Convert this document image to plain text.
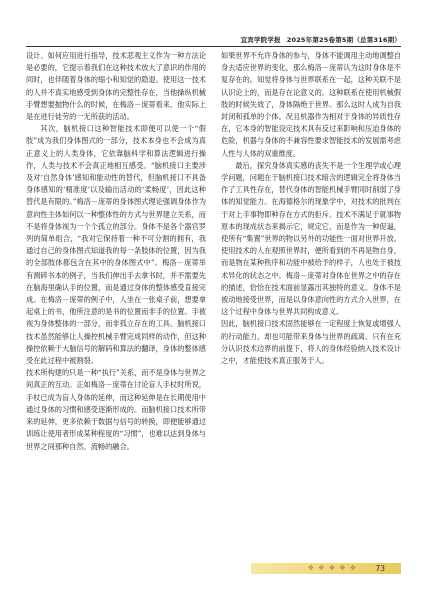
宜宾学院学报 2025年第25卷第5期（总第316期）

设计、如何应用进行指导，技术悲观主义作为一种方法论是必要的，它提示着我们在这种技术放大了意识的作用的同时，也伴随着身体的缩小和知觉的隐退。使用这一技术的人并不真实地感受到身体的完整性存在，当他操纵机械手臂想要抛物什么的时候，在梅洛－庞蒂看来，他实际上是在进行徒劳的一无所获的活动。

其次，脑机接口这种智能技术即便可以使一个“假肢”成为我们身体图式的一部分，技术本身也不会成为真正意义上的人类身体，它依靠脑科学和算法逻辑进行操作，人类与技术不会真正地相互感受。“脑机接口主要涉及对‘自然身体’感知和能动性的替代，但脑机接口不具备身体感知的‘精准度’以及输出活动的‘柔畅度’，因此这种替代是有限的。”梅洛－庞蒂的身体图式理论强调身体作为意向性主体如何以一种整体性的方式与世界建立关系，而不是将身体视为一个个孤立的部分。身体不是各个器官罗列的简单组合，“我对它保持着一种不可分割的拥有，我通过自己的身体图式知道我的每一条肢体的位置，因为我的全部肢体都包含在其中的身体图式中”。梅洛－庞蒂举有测碎书本的例子，当我们伸出手去拿书时，并不需要先在脑海里确认手的位置，而是通过身体的整体感受直接完成。在梅洛－庞蒂的例子中，人坐在一张桌子前，想要拿起桌上的书，他所注意的是书的位置而非手的位置。手被视为身体整体的一部分，而非孤立存在的工具。脑机接口技术虽然能够让人操控机械手臂完成同样的动作，但这种操控依赖于大脑信号的解码和算法的翻译，身体的整体感受在此过程中被割裂。

技术所构建的只是一种“执行”关系，而不是身体与世界之间真正的互动。正如梅洛－庞蒂在讨论盲人手杖时所说，手杖已成为盲人身体的延伸，而这种延伸是在长期使用中通过身体的习惯和感受逐渐形成的。而脑机接口技术所带来的延伸，更多依赖于数据与信号的转换，即便能够通过训练让使用者形成某种程度的“习惯”，也难以达到身体与世界之间那种自然、流畅的融合。

如果世界不允许身体的参与，身体不能调用主动地调整自身去适应世界的变化，那么梅洛－庞蒂认为这时身体是不复存在的。知觉将身体与世界联系在一起，这种关联不是认识论上的，而是存在论意义的。这种联系在使用机械假肢的时候失效了，身体隔绝于世界。那么这时人成为自我封闭和孤单的个体。况且机器作为相对于身体的异质性存在，它本身的智能设定技术具有反过来影响和压迫身体的危险，机器与身体的不兼容性要求智能技术的发展需考虑人性与人体的双重维度。

最后，探究身体真实感的丧失不是一个生理学或心理学问题，问题在于脑机接口技术暗含的逻辑完全将身体当作了工具性存在，替代身体的智能机械手臂同时削弱了身体的知觉能力。在海德格尔的现象学中，对技术的批判在于对上手事物即种存在方式的拒斥。技术不满足于就事物原本的现成状态来揭示它，规定它，而是作为一种促逼，使所有“集置”世界的物以另外的功能性一面对世界开放。使用技术的人在观照世界时，便所看到的不再是物自身，而是物在某种秩序和功能中被给予的样子，人也处于被技术异化的状态之中。梅洛－庞蒂对身体在世界之中的存在的描述，恰恰在技术面前显露出其独特的意义。身体不是被动地接受世界，而是以身体意向性的方式介入世界，在这个过程中身体与世界共同构成意义。

因此，脑机接口技术固然能够在一定程度上恢复或增强人的行动能力，却也可能带来身体与世界的疏离。只有在充分认识技术边界的前提下，将人的身体经验纳入技术设计之中，才能使技术真正服务于人。

❖ ❖ ❖ ❖ ❖ 73
